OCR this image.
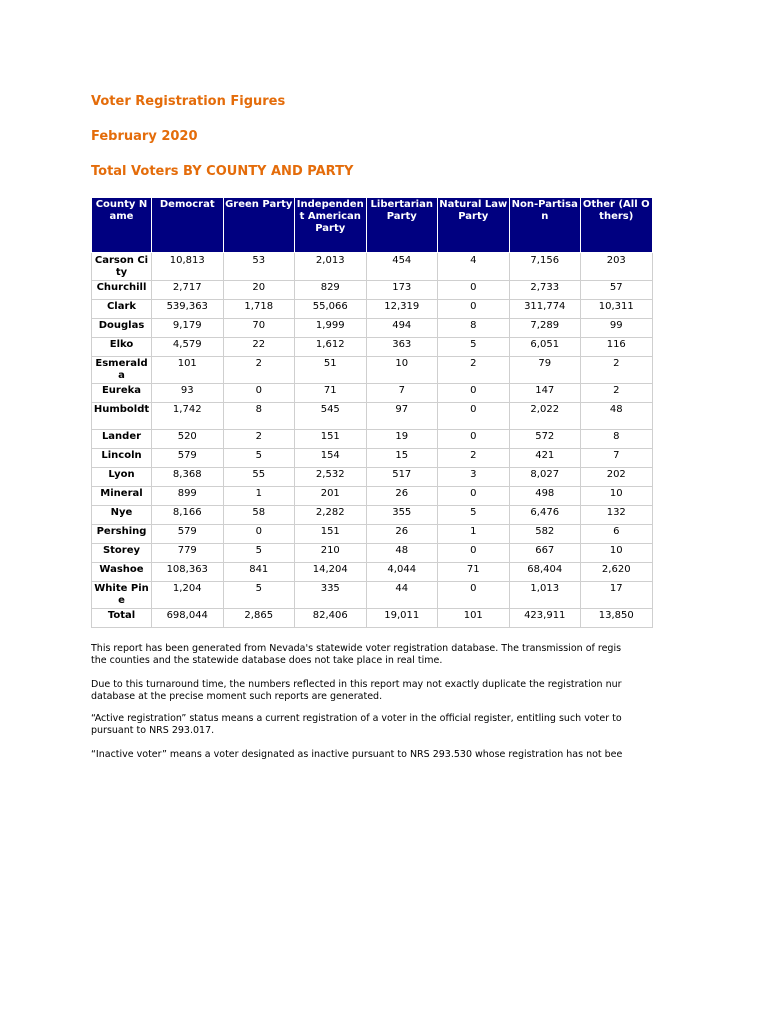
Voter Registration Figures
February 2020
Total Voters BY COUNTY AND PARTY
County Name	Democrat	Green Party	Independent American Party	Libertarian Party	Natural Law Party	Non-Partisan	Other (All Others)
Carson City	10,813	53	2,013	454	4	7,156	203
Churchill	2,717	20	829	173	0	2,733	57
Clark	539,363	1,718	55,066	12,319	0	311,774	10,311
Douglas	9,179	70	1,999	494	8	7,289	99
Elko	4,579	22	1,612	363	5	6,051	116
Esmeralda	101	2	51	10	2	79	2
Eureka	93	0	71	7	0	147	2
Humboldt	1,742	8	545	97	0	2,022	48
Lander	520	2	151	19	0	572	8
Lincoln	579	5	154	15	2	421	7
Lyon	8,368	55	2,532	517	3	8,027	202
Mineral	899	1	201	26	0	498	10
Nye	8,166	58	2,282	355	5	6,476	132
Pershing	579	0	151	26	1	582	6
Storey	779	5	210	48	0	667	10
Washoe	108,363	841	14,204	4,044	71	68,404	2,620
White Pine	1,204	5	335	44	0	1,013	17
Total	698,044	2,865	82,406	19,011	101	423,911	13,850

This report has been generated from Nevada's statewide voter registration database. The transmission of regis
the counties and the statewide database does not take place in real time.

Due to this turnaround time, the numbers reflected in this report may not exactly duplicate the registration nur
database at the precise moment such reports are generated.

“Active registration” status means a current registration of a voter in the official register, entitling such voter to
pursuant to NRS 293.017.

“Inactive voter” means a voter designated as inactive pursuant to NRS 293.530 whose registration has not bee
